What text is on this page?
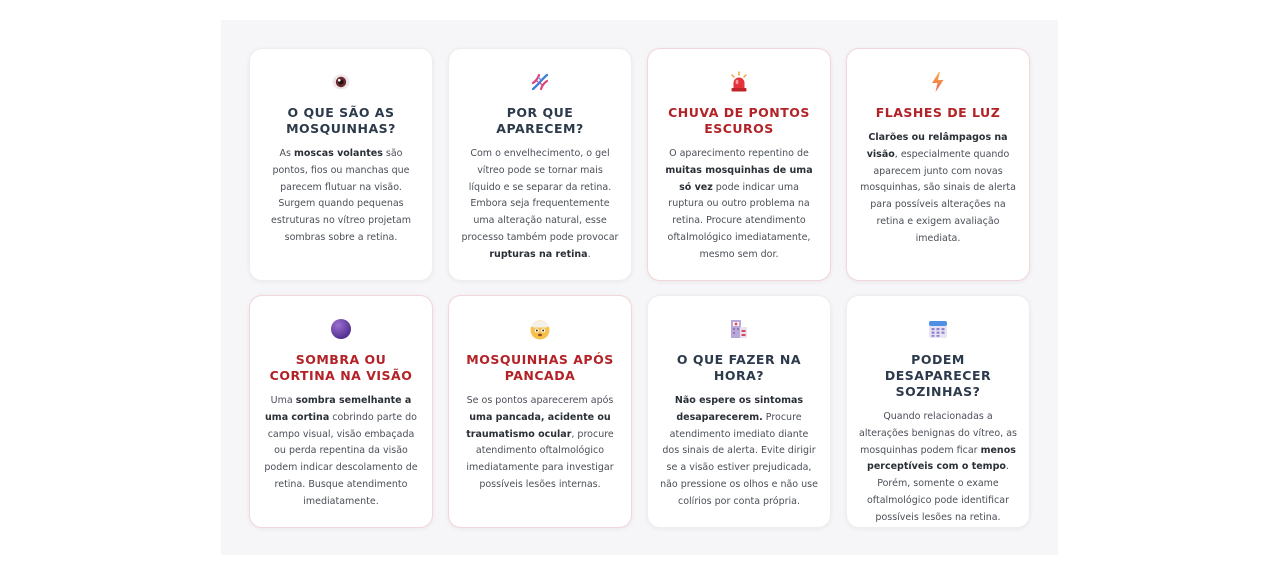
O QUE SÃO AS MOSQUINHAS?

As moscas volantes são pontos, fios ou manchas que parecem flutuar na visão. Surgem quando pequenas estruturas no vítreo projetam sombras sobre a retina.

POR QUE APARECEM?

Com o envelhecimento, o gel vítreo pode se tornar mais líquido e se separar da retina. Embora seja frequentemente uma alteração natural, esse processo também pode provocar rupturas na retina.

CHUVA DE PONTOS ESCUROS

O aparecimento repentino de muitas mosquinhas de uma só vez pode indicar uma ruptura ou outro problema na retina. Procure atendimento oftalmológico imediatamente, mesmo sem dor.

FLASHES DE LUZ

Clarões ou relâmpagos na visão, especialmente quando aparecem junto com novas mosquinhas, são sinais de alerta para possíveis alterações na retina e exigem avaliação imediata.

SOMBRA OU CORTINA NA VISÃO

Uma sombra semelhante a uma cortina cobrindo parte do campo visual, visão embaçada ou perda repentina da visão podem indicar descolamento de retina. Busque atendimento imediatamente.

MOSQUINHAS APÓS PANCADA

Se os pontos aparecerem após uma pancada, acidente ou traumatismo ocular, procure atendimento oftalmológico imediatamente para investigar possíveis lesões internas.

O QUE FAZER NA HORA?

Não espere os sintomas desaparecerem. Procure atendimento imediato diante dos sinais de alerta. Evite dirigir se a visão estiver prejudicada, não pressione os olhos e não use colírios por conta própria.

PODEM DESAPARECER SOZINHAS?

Quando relacionadas a alterações benignas do vítreo, as mosquinhas podem ficar menos perceptíveis com o tempo. Porém, somente o exame oftalmológico pode identificar possíveis lesões na retina.
